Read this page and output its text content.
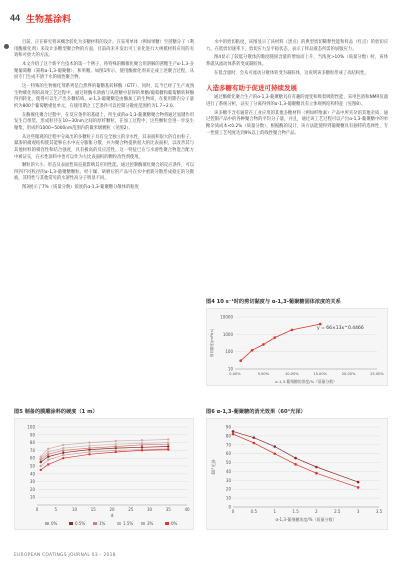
44 生物基涂料

目前，正在研究将该概念转化为多糖材料的设计。在采用单体（例如果糖）至蔗糖分子（利用酶催化剂）来设计多糖型聚合物的方面，目前尚未开发出可工业化进行大规模材料应用的有效和可放大的方法。

本文介绍了这个新平台技术的第一个例子，将特殊的酶催化聚合用溶解的蔗糖生产α-1,3-多聚葡萄糖（简称α-1,3-葡聚糖），和果糖。如图1所示，使用酶催化剂来完成上述聚合过程，从而专门生成不溶于水的线性聚合物。

这一特殊的生物催化剂系列是自然界的葡糖基转移酶（GTF），同时，迄今已经了生产成熟生物催化剂的高效工艺过程中，通过将酶水溶液与从蔗糖中获得的果糖/葡萄糖和葡萄糖转移酶得到转化，使得可以生产出多糖结构。α-1,3-葡聚糖是由酶加工的生物质，在使用期内分子量约为800个葡萄糖重复单元，在使用期之工艺条件可以控制分散度范围约为1.7~2.0。

在酶催化聚合过程中，在反应条件的基础上，所生成的α-1,3-葡聚糖聚合物将通过氢键作用发生自组装，形成粒径在10~30nm之间的原纤颗粒，在加工过程中，这些颗粒会进一步发生聚集，形成约1000~5000nm范围内的微米级颗粒（见图2）。

从这些微观的过程中分离出的多糖粒子具有完全独立的亲水性，其表面积很大的自由粒子。紧凑的微观结构使其能够在水中充分膨胀分散，并为聚合物提供很大的比表面积，以改善其与其他材料的相容性和结合强度，具有极高的反应活性。这一特征已在与水溶性聚合物混合配方中被证实，在水性涂料中也可以作为大比表面积的颗粒改性剂使用。

颗粒的大小、形态及表面性质直接影响其应用性能。通过控制酶催化聚合的反应条件，可以得到不同粒径的α-1,3-葡聚糖颗粒。经干燥、研磨后的产品可在水中重新分散形成稳定的分散液，其特性与其他常见的水溶性高分子明显不同。

图3展示了7%（质量分数）浓度的α-1,3-葡聚糖分散体的粘度

水中的剪切粘度，该图显示了该材料（黑点）的典型剪切稀释性能和样品（红点）的剪切应力。在低剪切速率下，剪切应力呈平稳状态，表示了样品液态所需的屈服应力。

图4显示了较低分散体的黏度随固含量的增加而上升，当浓度>10%（质量分数）时，该体系就从流动体系转变成凝胶体。

在低含量时，会从可流动分散体转变为凝胶体，这说明该多糖粒形成了高结构性。

人造多糖有助于促进可持续发展

通过酶催化聚合生产的α-1,3-葡聚糖具有有趣的流变和吸着吸附性能，采用色谱和NMR仪器进行了系统分析，证实了分离得到的α-1,3-葡聚糖具有立体规则结构特征（见图8）。

该多糖不含有通常在工业应用的其他多糖材料（例如纤维素）产品中所夹杂的其他杂质，通过控制产品中的各种聚合物的平均分子量，并且，通过该工艺过程可以产出α-1,3-葡聚糖中的单糖杂质成本<0.2%（质量分数），根据酶的设计，该方法能使得到葡聚糖具有独特的选择性，专一性使工艺纯度达到9%以上的线性聚合物产品。

图4 10 s⁻¹时的剪切黏度与 α-1,3-葡聚糖固体浓度的关系
10
100
1000
10000
0.00%	5.00%	10.00%	15.00%	20.00%	25.00%
y = 66×13x^0.4466
α-1,3-葡聚糖的浓度/%（质量分数）
剪切黏度/(mPa·s)
图5 制备的膜雕涂料的硬度（1 m）
10
20
30
40
50
60
70
80
90
100
0	5	10	15	20	25	30	35	40
d
0%	0.5%	1%	1.5%	3%	0%
图6 α-1,3-葡聚糖的消光效果（60°光泽）
0
10
20
30
40
50
60
70
80
90
0	0.5	1	1.5	2	2.5	3	3.5
α-1,3-葡聚糖浓度/%（质量分数）
60°光泽
EUROPEAN COATINGS JOURNAL 03 – 2018
